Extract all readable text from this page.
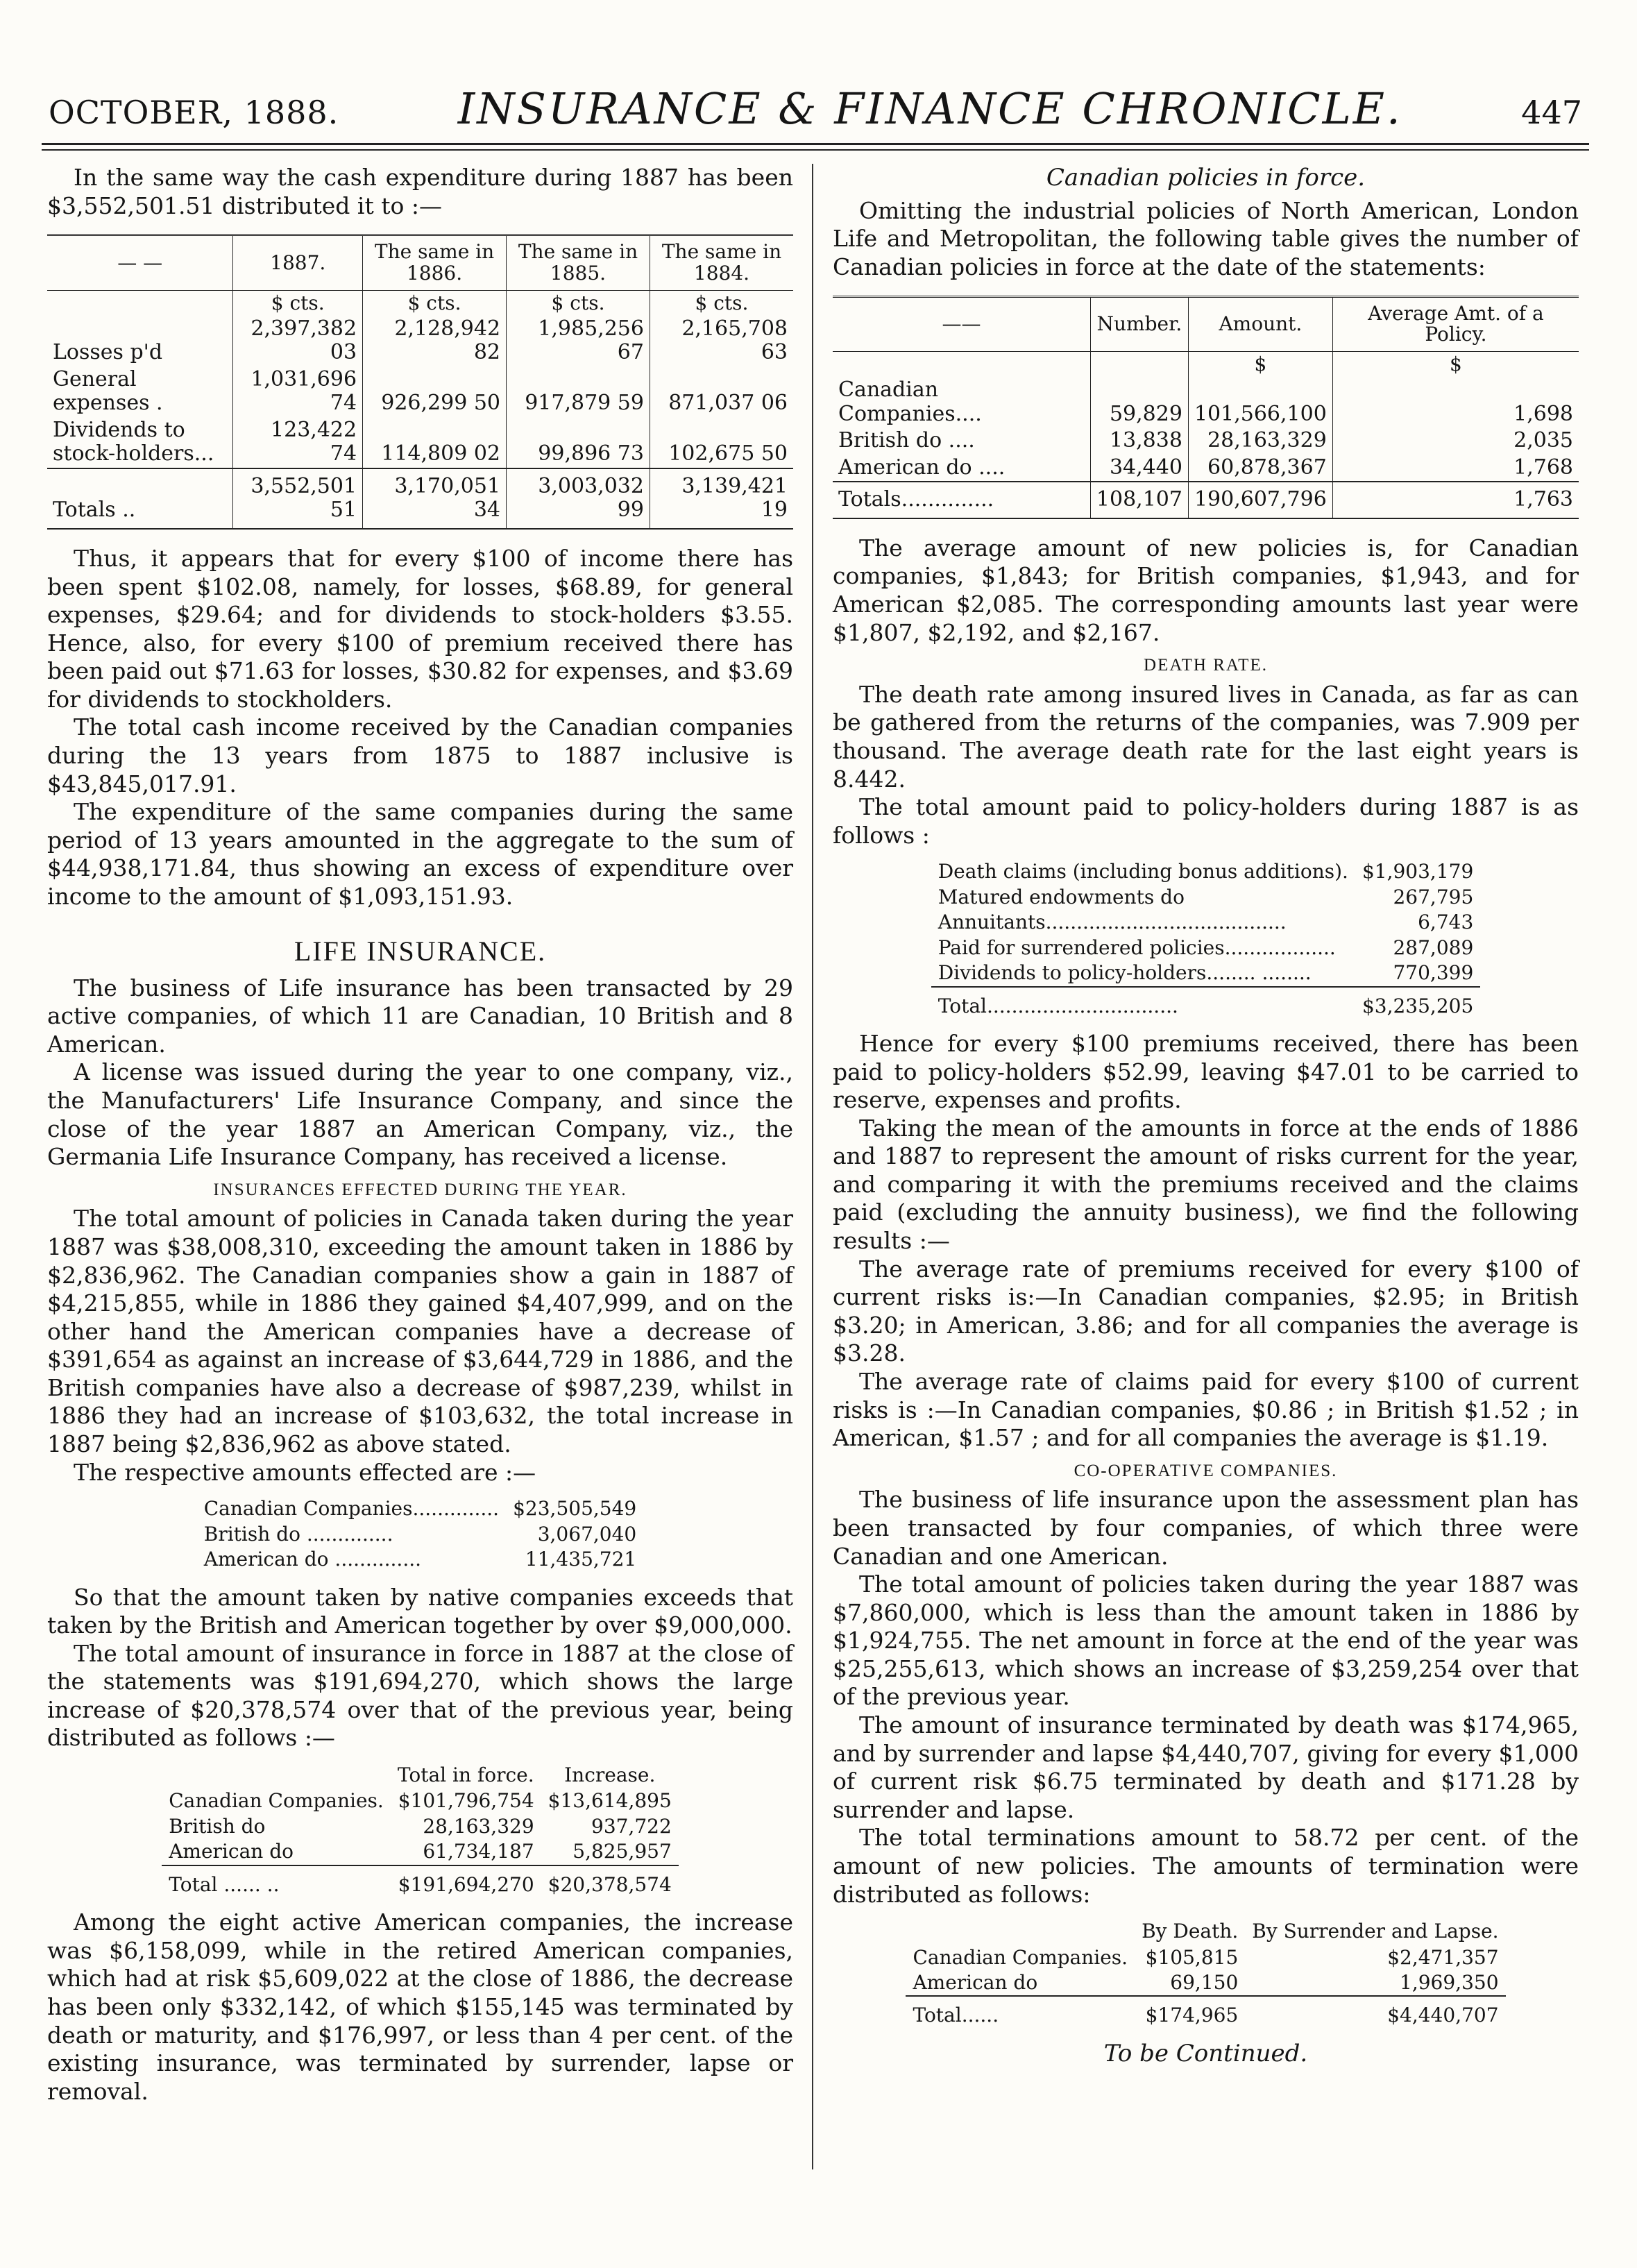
OCTOBER, 1888.	INSURANCE & FINANCE CHRONICLE.	447

In the same way the cash expenditure during 1887 has been $3,552,501.51 distributed it to :—

— —	1887.	The same in 1886.	The same in 1885.	The same in 1884.
	$ cts.	$ cts.	$ cts.	$ cts.
Losses p'd	2,397,382 03	2,128,942 82	1,985,256 67	2,165,708 63
General expenses .	1,031,696 74	926,299 50	917,879 59	871,037 06
Dividends to stock-holders...	123,422 74	114,809 02	99,896 73	102,675 50
Totals ..	3,552,501 51	3,170,051 34	3,003,032 99	3,139,421 19

Thus, it appears that for every $100 of income there has been spent $102.08, namely, for losses, $68.89, for general expenses, $29.64; and for dividends to stock-holders $3.55. Hence, also, for every $100 of premium received there has been paid out $71.63 for losses, $30.82 for expenses, and $3.69 for dividends to stockholders.

The total cash income received by the Canadian companies during the 13 years from 1875 to 1887 inclusive is $43,845,017.91.

The expenditure of the same companies during the same period of 13 years amounted in the aggregate to the sum of $44,938,171.84, thus showing an excess of expenditure over income to the amount of $1,093,151.93.

LIFE INSURANCE.

The business of Life insurance has been transacted by 29 active companies, of which 11 are Canadian, 10 British and 8 American.

A license was issued during the year to one company, viz., the Manufacturers' Life Insurance Company, and since the close of the year 1887 an American Company, viz., the Germania Life Insurance Company, has received a license.

INSURANCES EFFECTED DURING THE YEAR.

The total amount of policies in Canada taken during the year 1887 was $38,008,310, exceeding the amount taken in 1886 by $2,836,962. The Canadian companies show a gain in 1887 of $4,215,855, while in 1886 they gained $4,407,999, and on the other hand the American companies have a decrease of $391,654 as against an increase of $3,644,729 in 1886, and the British companies have also a decrease of $987,239, whilst in 1886 they had an increase of $103,632, the total increase in 1887 being $2,836,962 as above stated.

The respective amounts effected are :—

Canadian Companies..............	$23,505,549
British do ..............	3,067,040
American do ..............	11,435,721

So that the amount taken by native companies exceeds that taken by the British and American together by over $9,000,000.

The total amount of insurance in force in 1887 at the close of the statements was $191,694,270, which shows the large increase of $20,378,574 over that of the previous year, being distributed as follows :—

	Total in force.	Increase.
Canadian Companies.	$101,796,754	$13,614,895
British do	28,163,329	937,722
American do	61,734,187	5,825,957
Total ...... ..	$191,694,270	$20,378,574

Among the eight active American companies, the increase was $6,158,099, while in the retired American companies, which had at risk $5,609,022 at the close of 1886, the decrease has been only $332,142, of which $155,145 was terminated by death or maturity, and $176,997, or less than 4 per cent. of the existing insurance, was terminated by surrender, lapse or removal.

Canadian policies in force.

Omitting the industrial policies of North American, London Life and Metropolitan, the following table gives the number of Canadian policies in force at the date of the statements:

——	Number.	Amount.	Average Amt. of a Policy.
		$	$
Canadian Companies....	59,829	101,566,100	1,698
British do ....	13,838	28,163,329	2,035
American do ....	34,440	60,878,367	1,768
Totals..............	108,107	190,607,796	1,763

The average amount of new policies is, for Canadian companies, $1,843; for British companies, $1,943, and for American $2,085. The corresponding amounts last year were $1,807, $2,192, and $2,167.

DEATH RATE.

The death rate among insured lives in Canada, as far as can be gathered from the returns of the companies, was 7.909 per thousand. The average death rate for the last eight years is 8.442.

The total amount paid to policy-holders during 1887 is as follows :

Death claims (including bonus additions).	$1,903,179
Matured endowments do	267,795
Annuitants.......................................	6,743
Paid for surrendered policies..................	287,089
Dividends to policy-holders........ ........	770,399
Total...............................	$3,235,205

Hence for every $100 premiums received, there has been paid to policy-holders $52.99, leaving $47.01 to be carried to reserve, expenses and profits.

Taking the mean of the amounts in force at the ends of 1886 and 1887 to represent the amount of risks current for the year, and comparing it with the premiums received and the claims paid (excluding the annuity business), we find the following results :—

The average rate of premiums received for every $100 of current risks is:—In Canadian companies, $2.95; in British $3.20; in American, 3.86; and for all companies the average is $3.28.

The average rate of claims paid for every $100 of current risks is :—In Canadian companies, $0.86 ; in British $1.52 ; in American, $1.57 ; and for all companies the average is $1.19.

CO-OPERATIVE COMPANIES.

The business of life insurance upon the assessment plan has been transacted by four companies, of which three were Canadian and one American.

The total amount of policies taken during the year 1887 was $7,860,000, which is less than the amount taken in 1886 by $1,924,755. The net amount in force at the end of the year was $25,255,613, which shows an increase of $3,259,254 over that of the previous year.

The amount of insurance terminated by death was $174,965, and by surrender and lapse $4,440,707, giving for every $1,000 of current risk $6.75 terminated by death and $171.28 by surrender and lapse.

The total terminations amount to 58.72 per cent. of the amount of new policies. The amounts of termination were distributed as follows:

	By Death.	By Surrender and Lapse.
Canadian Companies.	$105,815	$2,471,357
American do	69,150	1,969,350
Total......	$174,965	$4,440,707
To be Continued.
